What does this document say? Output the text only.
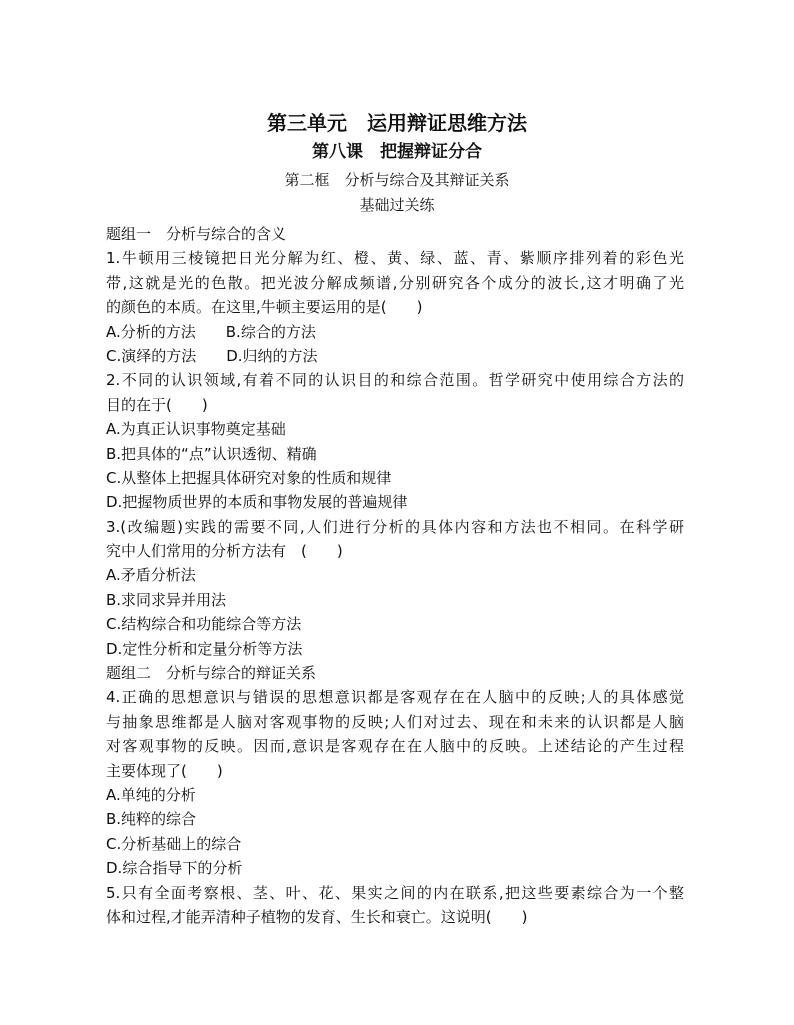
第三单元　运用辩证思维方法
第八课　把握辩证分合
第二框　分析与综合及其辩证关系
基础过关练
题组一　分析与综合的含义
1.牛顿用三棱镜把日光分解为红、橙、黄、绿、蓝、青、紫顺序排列着的彩色光
带,这就是光的色散。把光波分解成频谱,分别研究各个成分的波长,这才明确了光
的颜色的本质。在这里,牛顿主要运用的是(　　)
A.分析的方法　　B.综合的方法
C.演绎的方法　　D.归纳的方法
2.不同的认识领域,有着不同的认识目的和综合范围。哲学研究中使用综合方法的
目的在于(　　)
A.为真正认识事物奠定基础
B.把具体的“点”认识透彻、精确
C.从整体上把握具体研究对象的性质和规律
D.把握物质世界的本质和事物发展的普遍规律
3.(改编题)实践的需要不同,人们进行分析的具体内容和方法也不相同。在科学研
究中人们常用的分析方法有　(　　)
A.矛盾分析法
B.求同求异并用法
C.结构综合和功能综合等方法
D.定性分析和定量分析等方法
题组二　分析与综合的辩证关系
4.正确的思想意识与错误的思想意识都是客观存在在人脑中的反映;人的具体感觉
与抽象思维都是人脑对客观事物的反映;人们对过去、现在和未来的认识都是人脑
对客观事物的反映。因而,意识是客观存在在人脑中的反映。上述结论的产生过程
主要体现了(　　)
A.单纯的分析
B.纯粹的综合
C.分析基础上的综合
D.综合指导下的分析
5.只有全面考察根、茎、叶、花、果实之间的内在联系,把这些要素综合为一个整
体和过程,才能弄清种子植物的发育、生长和衰亡。这说明(　　)
